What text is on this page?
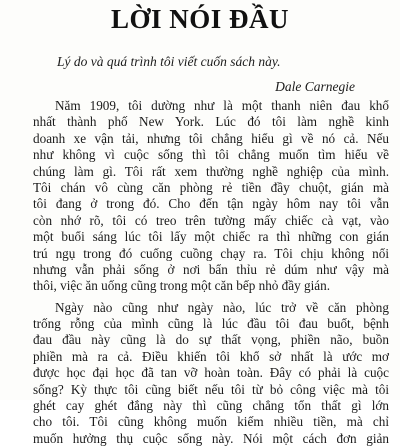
LỜI NÓI ĐẦU
Lý do và quá trình tôi viết cuốn sách này.
Dale Carnegie
Năm 1909, tôi dường như là một thanh niên đau khổ
nhất thành phố New York. Lúc đó tôi làm nghề kinh
doanh xe vận tải, nhưng tôi chẳng hiểu gì về nó cả. Nếu
như không vì cuộc sống thì tôi chẳng muốn tìm hiểu về
chúng làm gì. Tôi rất xem thường nghề nghiệp của mình.
Tôi chán vô cùng căn phòng rẻ tiền đầy chuột, gián mà
tôi đang ở trong đó. Cho đến tận ngày hôm nay tôi vẫn
còn nhớ rõ, tôi có treo trên tường mấy chiếc cà vạt, vào
một buổi sáng lúc tôi lấy một chiếc ra thì những con gián
trú ngụ trong đó cuống cuồng chạy ra. Tôi chịu không nổi
nhưng vẫn phải sống ở nơi bẩn thỉu rẻ dúm như vậy mà
thôi, việc ăn uống cũng trong một căn bếp nhỏ đầy gián.
Ngày nào cũng như ngày nào, lúc trở về căn phòng
trống rỗng của mình cũng là lúc đầu tôi đau buốt, bệnh
đau đầu này cũng là do sự thất vọng, phiền não, buồn
phiền mà ra cả. Điều khiến tôi khổ sở nhất là ước mơ
được học đại học đã tan vỡ hoàn toàn. Đây có phải là cuộc
sống? Kỳ thực tôi cũng biết nếu tôi từ bỏ công việc mà tôi
ghét cay ghét đắng này thì cũng chẳng tổn thất gì lớn
cho tôi. Tôi cũng không muốn kiếm nhiều tiền, mà chỉ
muốn hưởng thụ cuộc sống này. Nói một cách đơn giản
